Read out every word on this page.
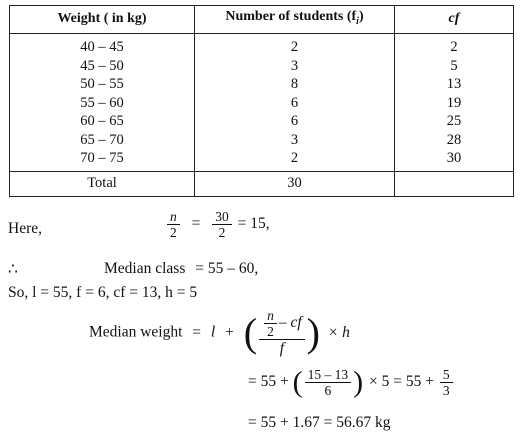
Weight ( in kg)	Number of students $(f_i)$	cf
40 – 45	2	2
45 – 50	3	5
50 – 55	8	13
55 – 60	6	19
60 – 65	6	25
65 – 70	3	28
70 – 75	2	30
Total	30	
Here,	$\frac{n}{2} = \frac{30}{2} = 15$,
∴	Median class = 55 – 60,
So, l = 55, f = 6, cf = 13, h = 5
Median weight = l + ( $\frac{\frac{n}{2} - cf}{f}$ ) × h
= 55 + ( $\frac{15 - 13}{6}$ ) × $5 = 55 + \frac{5}{3}$
= 55 + 1.67 = 56.67 kg
